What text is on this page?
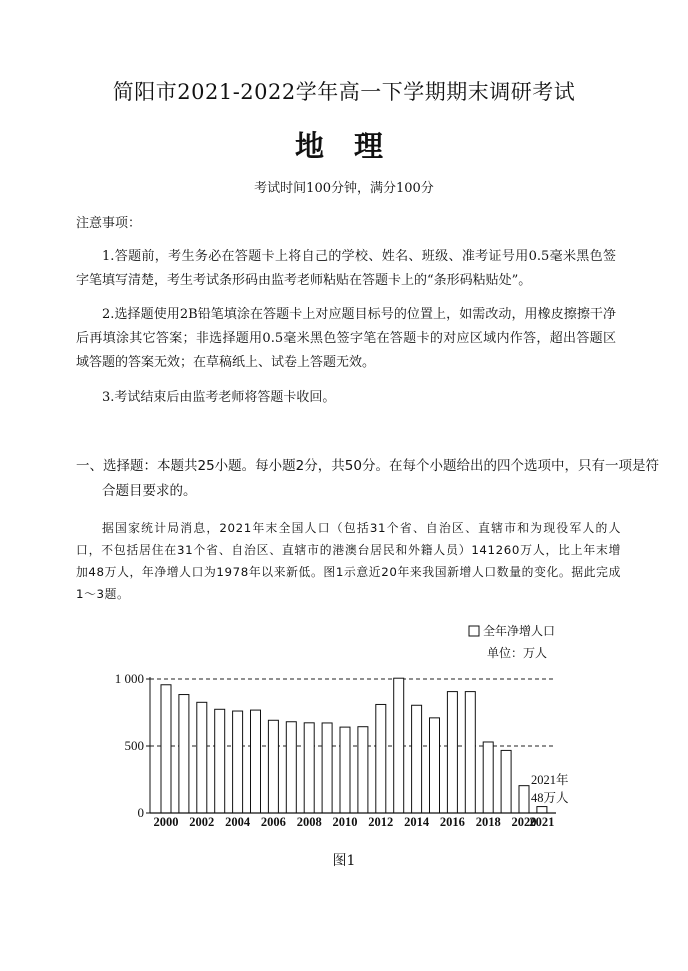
简阳市2021-2022学年高一下学期期末调研考试
地 理
考试时间100分钟，满分100分
注意事项：

1.答题前，考生务必在答题卡上将自己的学校、姓名、班级、准考证号用0.5毫米黑色签字笔填写清楚，考生考试条形码由监考老师粘贴在答题卡上的“条形码粘贴处”。

2.选择题使用2B铅笔填涂在答题卡上对应题目标号的位置上，如需改动，用橡皮擦擦干净后再填涂其它答案；非选择题用0.5毫米黑色签字笔在答题卡的对应区域内作答，超出答题区域答题的答案无效；在草稿纸上、试卷上答题无效。

3.考试结束后由监考老师将答题卡收回。

一、选择题：本题共25小题。每小题2分，共50分。在每个小题给出的四个选项中，只有一项是符合题目要求的。

据国家统计局消息，2021年末全国人口（包括31个省、自治区、直辖市和为现役军人的人口，不包括居住在31个省、自治区、直辖市的港澳台居民和外籍人员）141260万人，比上年末增加48万人，年净增人口为1978年以来新低。图1示意近20年来我国新增人口数量的变化。据此完成1～3题。

全年净增人口
单位：万人
0
500
1 000
2000 2002 2004 2006 2008 2010 2012 2014 2016 2018 2020
2021
2021年
48万人
图1
